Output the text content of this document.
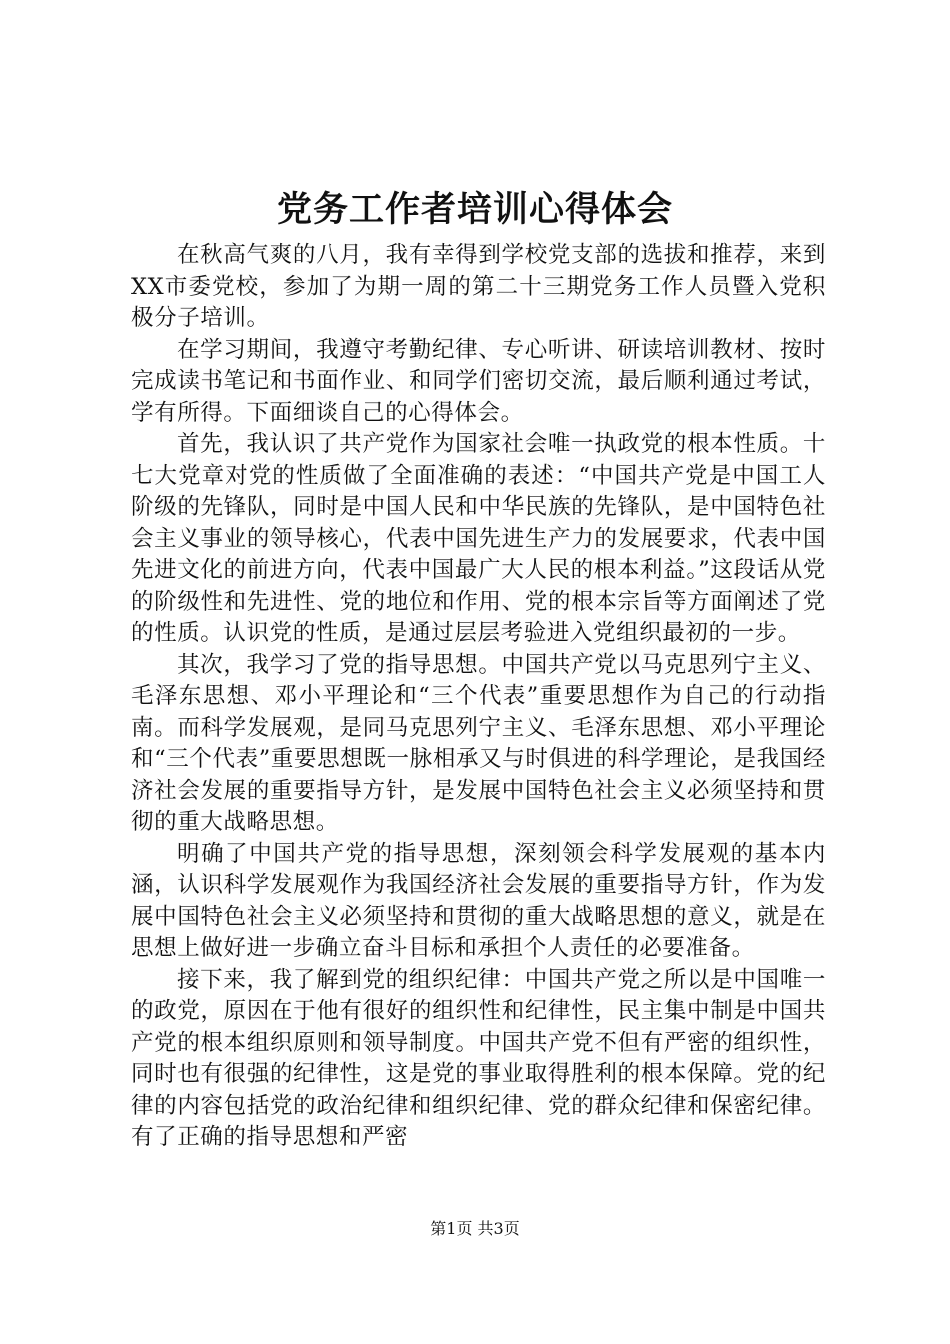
党务工作者培训心得体会

在秋高气爽的八月，我有幸得到学校党支部的选拔和推荐，来到XX市委党校，参加了为期一周的第二十三期党务工作人员暨入党积极分子培训。

在学习期间，我遵守考勤纪律、专心听讲、研读培训教材、按时完成读书笔记和书面作业、和同学们密切交流，最后顺利通过考试，学有所得。下面细谈自己的心得体会。

首先，我认识了共产党作为国家社会唯一执政党的根本性质。十七大党章对党的性质做了全面准确的表述：“中国共产党是中国工人阶级的先锋队，同时是中国人民和中华民族的先锋队，是中国特色社会主义事业的领导核心，代表中国先进生产力的发展要求，代表中国先进文化的前进方向，代表中国最广大人民的根本利益。”这段话从党的阶级性和先进性、党的地位和作用、党的根本宗旨等方面阐述了党的性质。认识党的性质，是通过层层考验进入党组织最初的一步。

其次，我学习了党的指导思想。中国共产党以马克思列宁主义、毛泽东思想、邓小平理论和“三个代表”重要思想作为自己的行动指南。而科学发展观，是同马克思列宁主义、毛泽东思想、邓小平理论和“三个代表”重要思想既一脉相承又与时俱进的科学理论，是我国经济社会发展的重要指导方针，是发展中国特色社会主义必须坚持和贯彻的重大战略思想。

明确了中国共产党的指导思想，深刻领会科学发展观的基本内涵，认识科学发展观作为我国经济社会发展的重要指导方针，作为发展中国特色社会主义必须坚持和贯彻的重大战略思想的意义，就是在思想上做好进一步确立奋斗目标和承担个人责任的必要准备。

接下来，我了解到党的组织纪律：中国共产党之所以是中国唯一的政党，原因在于他有很好的组织性和纪律性，民主集中制是中国共产党的根本组织原则和领导制度。中国共产党不但有严密的组织性，同时也有很强的纪律性，这是党的事业取得胜利的根本保障。党的纪律的内容包括党的政治纪律和组织纪律、党的群众纪律和保密纪律。有了正确的指导思想和严密

第1页 共3页
